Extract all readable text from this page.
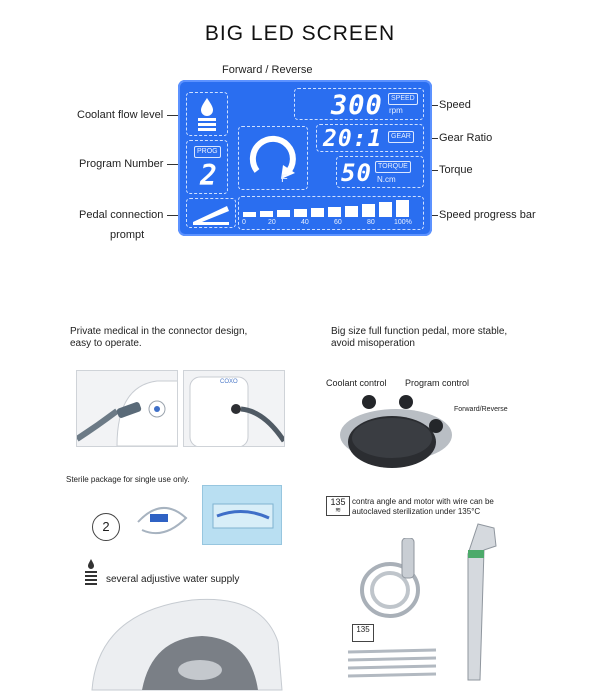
BIG LED SCREEN
Forward / Reverse
Coolant flow level
Program Number
Pedal connection
prompt
Speed
Gear Ratio
Torque
Speed progress bar
PROG
2	F
300	SPEED
rpm
20:1	GEAR
50 TORQUE
N.cm
0	20	40	60	80	100%
Private medical in the connector design,
easy to operate.
Big size full function pedal, more stable,
avoid misoperation
COXO	Coolant control Program control
Forward/Reverse
Sterile package for single use only.
2
135
≋
contra angle and motor with wire can be
autoclaved sterilization under 135°C
several adjustive water supply
135
